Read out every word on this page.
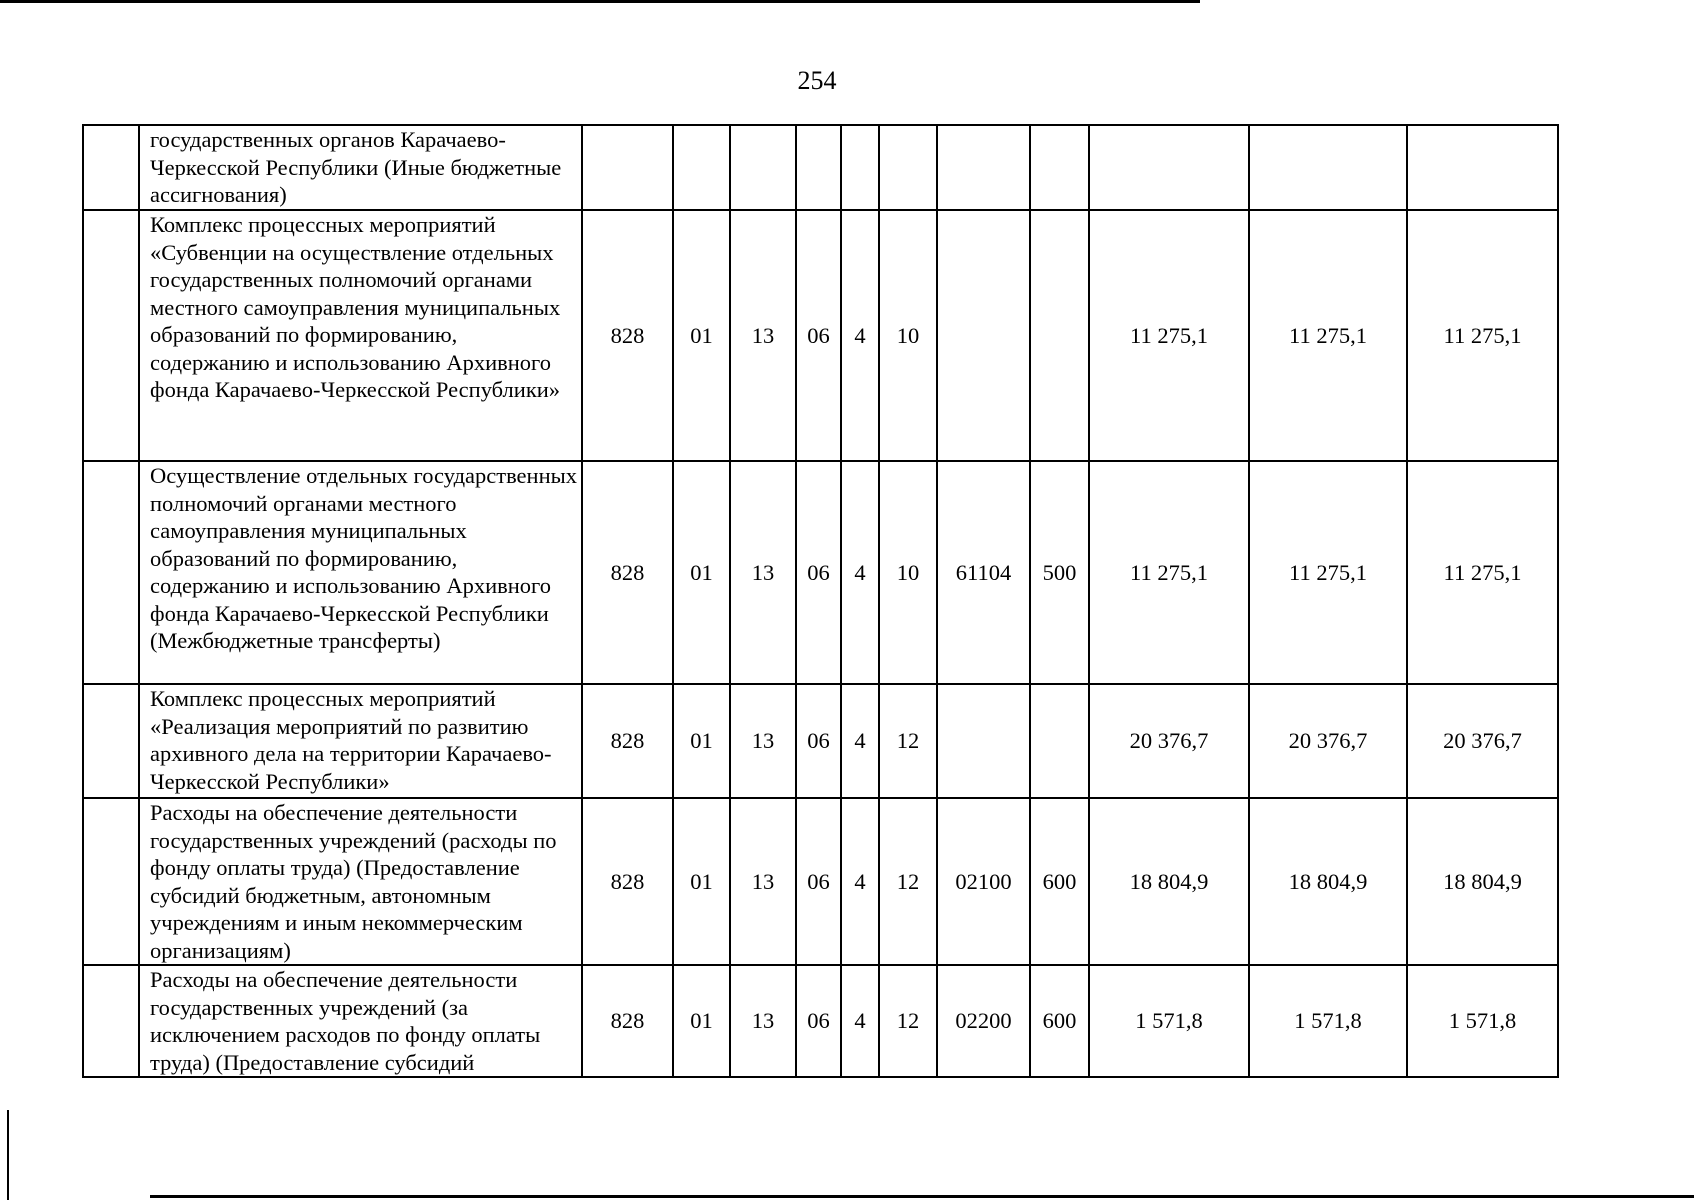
254
	государственных органов Карачаево-Черкесской Республики (Иные бюджетные ассигнования)											
	Комплекс процессных мероприятий «Субвенции на осуществление отдельных государственных полномочий органами местного самоуправления муниципальных образований по формированию, содержанию и использованию Архивного фонда Карачаево-Черкесской Республики»	828	01	13	06	4	10			11 275,1	11 275,1	11 275,1
	Осуществление отдельных государственных полномочий органами местного самоуправления муниципальных образований по формированию, содержанию и использованию Архивного фонда Карачаево-Черкесской Республики (Межбюджетные трансферты)	828	01	13	06	4	10	61104	500	11 275,1	11 275,1	11 275,1
	Комплекс процессных мероприятий «Реализация мероприятий по развитию архивного дела на территории Карачаево-Черкесской Республики»	828	01	13	06	4	12			20 376,7	20 376,7	20 376,7
	Расходы на обеспечение деятельности государственных учреждений (расходы по фонду оплаты труда) (Предоставление субсидий бюджетным, автономным учреждениям и иным некоммерческим организациям)	828	01	13	06	4	12	02100	600	18 804,9	18 804,9	18 804,9
	Расходы на обеспечение деятельности государственных учреждений (за исключением расходов по фонду оплаты труда) (Предоставление субсидий	828	01	13	06	4	12	02200	600	1 571,8	1 571,8	1 571,8
